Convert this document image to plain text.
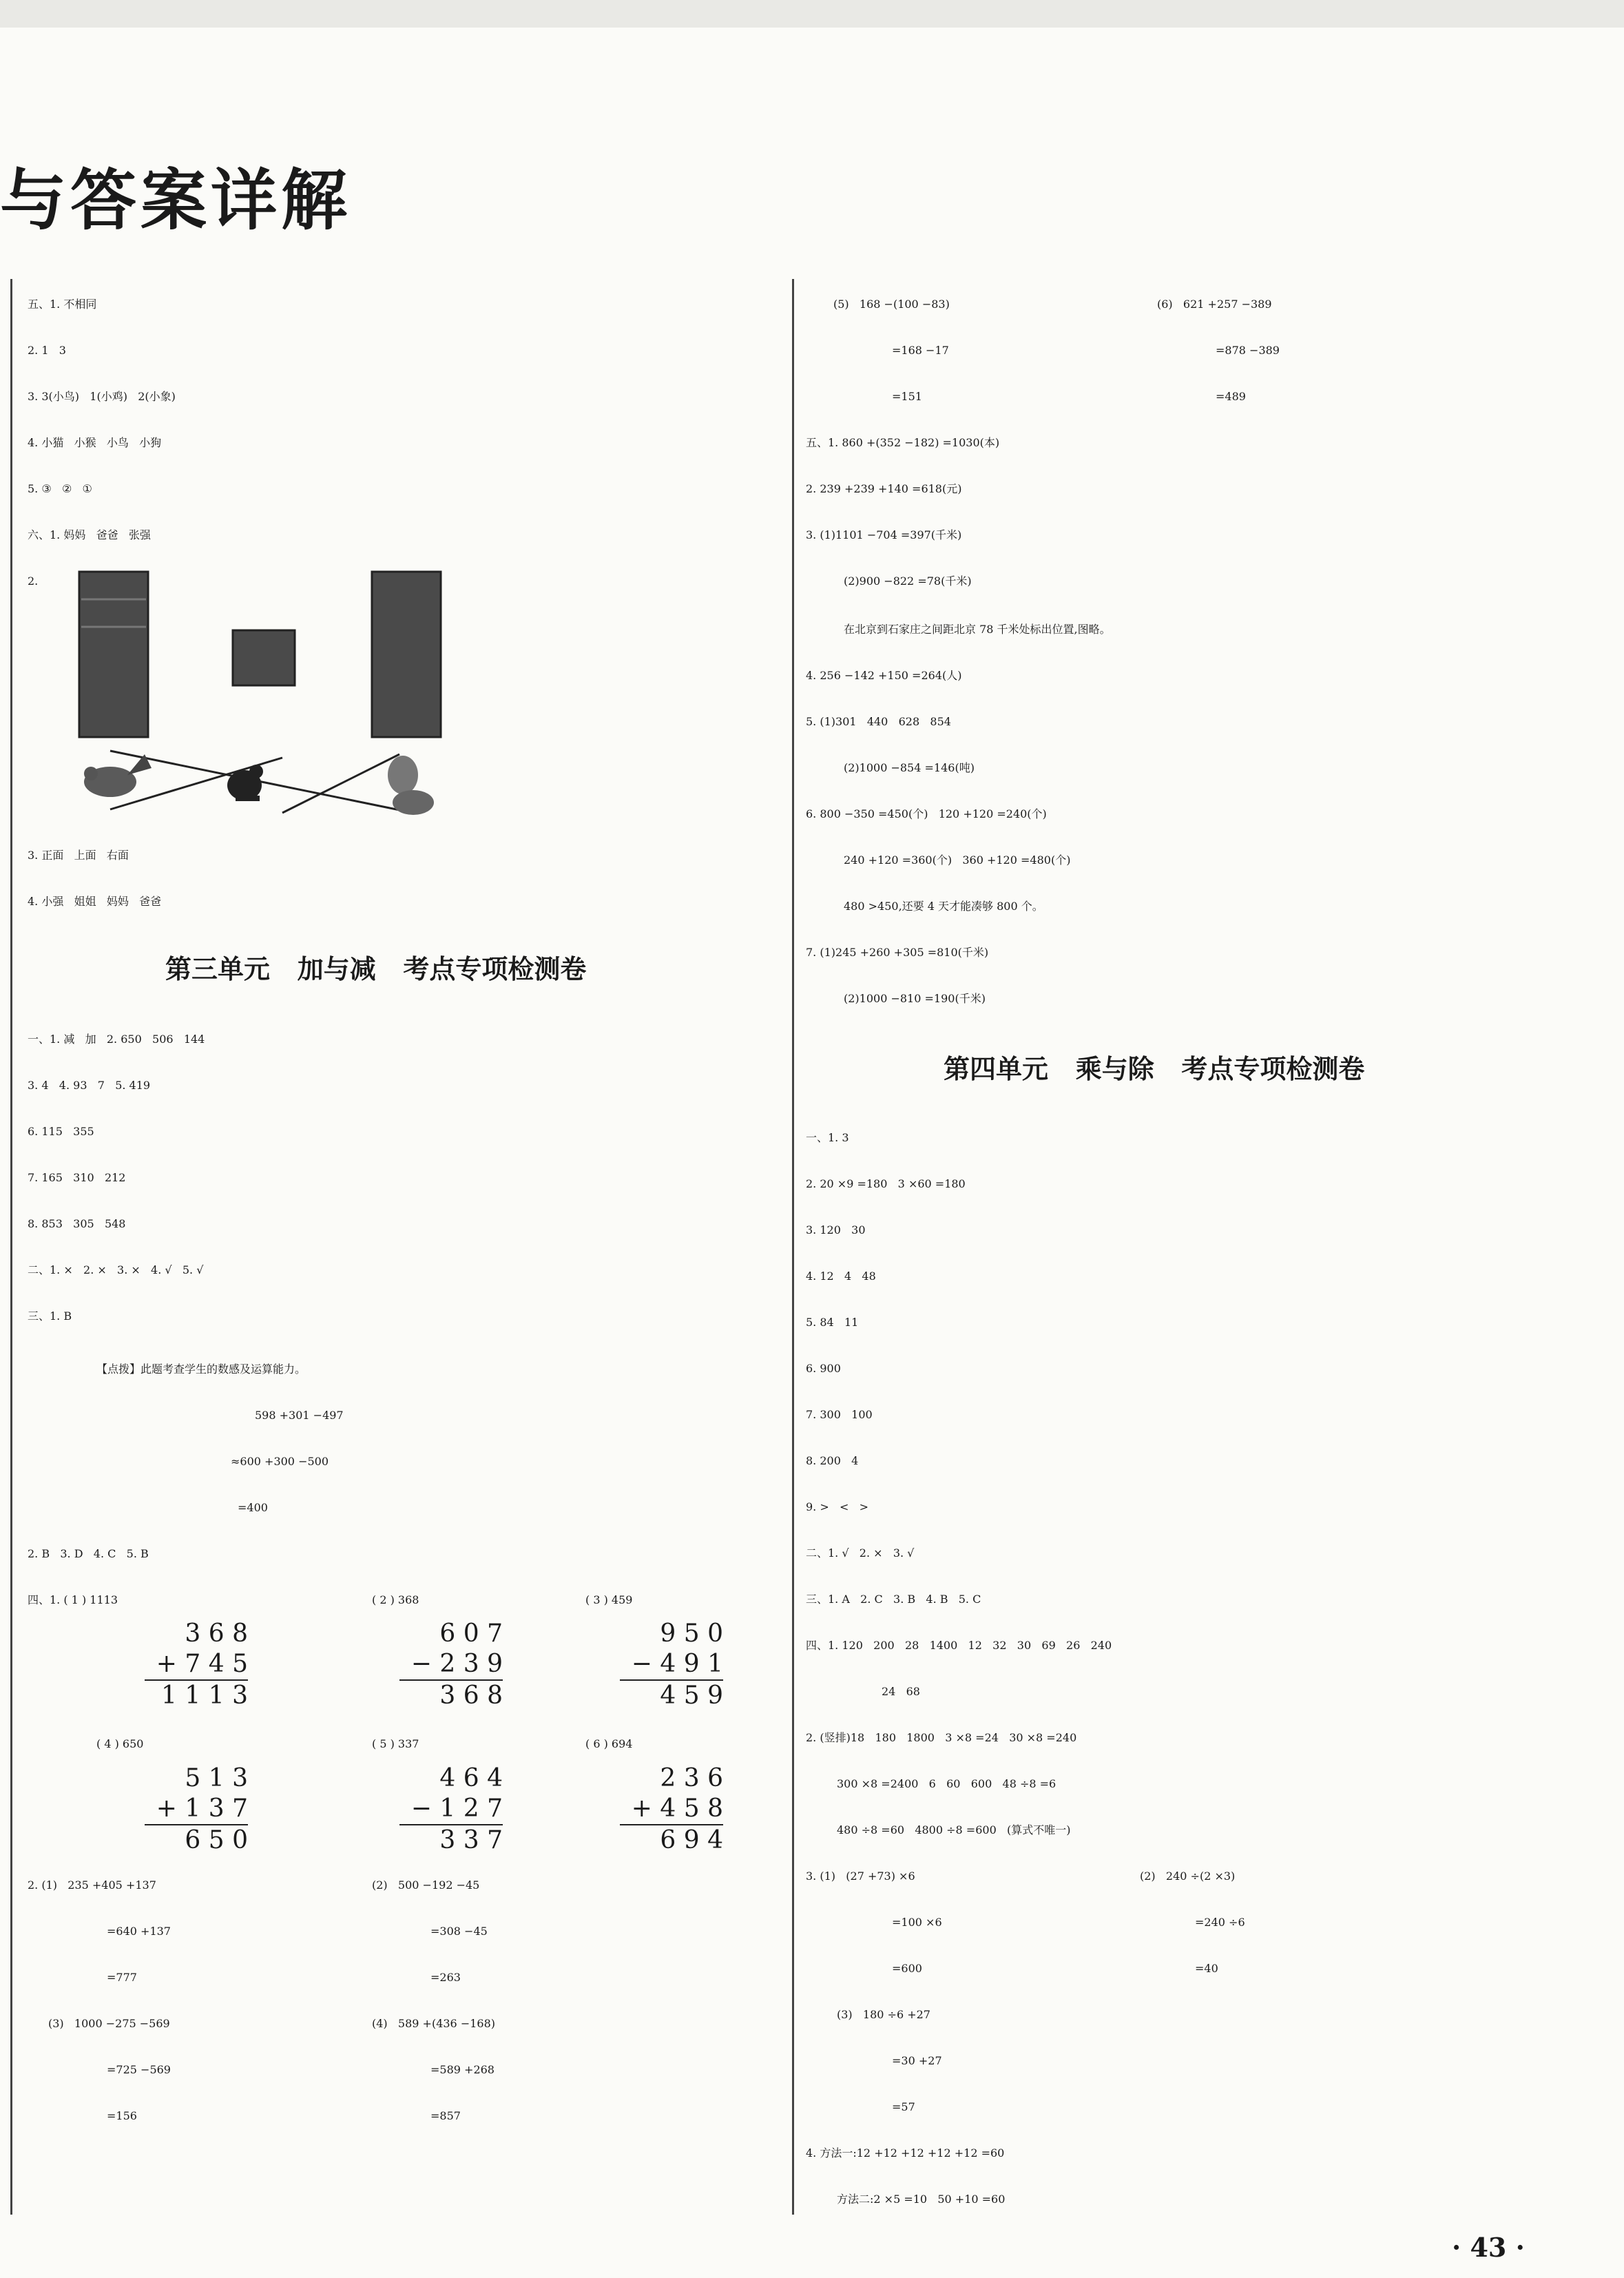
与答案详解
五、1. 不相同
2. 1   3
3. 3(小鸟)   1(小鸡)   2(小象)
4. 小猫   小猴   小鸟   小狗
5. ③   ②   ①
六、1. 妈妈   爸爸   张强
2.
3. 正面   上面   右面
4. 小强   姐姐   妈妈   爸爸
第三单元   加与减   考点专项检测卷
一、1. 减   加   2. 650   506   144
3. 4   4. 93   7   5. 419
6. 115   355
7. 165   310   212
8. 853   305   548
二、1. ×   2. ×   3. ×   4. √   5. √
三、1. B
【点拨】此题考查学生的数感及运算能力。
598 +301 −497
≈600 +300 −500
=400
2. B   3. D   4. C   5. B
四、1. ( 1 ) 1113	( 2 ) 368	( 3 ) 459
3 6 8
+ 7 4 5
1 1 1 3
6 0 7
− 2 3 9
3 6 8
9 5 0
− 4 9 1
4 5 9
( 4 ) 650	( 5 ) 337	( 6 ) 694
5 1 3
+ 1 3 7
6 5 0
4 6 4
− 1 2 7
3 3 7
2 3 6
+ 4 5 8
6 9 4
2. (1)   235 +405 +137
=640 +137
=777
(2)   500 −192 −45
=308 −45
=263
(3)   1000 −275 −569
=725 −569
=156
(4)   589 +(436 −168)
=589 +268
=857
(5)   168 −(100 −83)
=168 −17
=151
(6)   621 +257 −389
=878 −389
=489
五、1. 860 +(352 −182) =1030(本)
2. 239 +239 +140 =618(元)
3. (1)1101 −704 =397(千米)
(2)900 −822 =78(千米)
在北京到石家庄之间距北京 78 千米处标出位置,图略。
4. 256 −142 +150 =264(人)
5. (1)301   440   628   854
(2)1000 −854 =146(吨)
6. 800 −350 =450(个)   120 +120 =240(个)
240 +120 =360(个)   360 +120 =480(个)
480 >450,还要 4 天才能凑够 800 个。
7. (1)245 +260 +305 =810(千米)
(2)1000 −810 =190(千米)
第四单元   乘与除   考点专项检测卷
一、1. 3
2. 20 ×9 =180   3 ×60 =180
3. 120   30
4. 12   4   48
5. 84   11
6. 900
7. 300   100
8. 200   4
9. >   <   >
二、1. √   2. ×   3. √
三、1. A   2. C   3. B   4. B   5. C
四、1. 120   200   28   1400   12   32   30   69   26   240
24   68
2. (竖排)18   180   1800   3 ×8 =24   30 ×8 =240
300 ×8 =2400   6   60   600   48 ÷8 =6
480 ÷8 =60   4800 ÷8 =600   (算式不唯一)
3. (1)   (27 +73) ×6
=100 ×6
=600
(2)   240 ÷(2 ×3)
=240 ÷6
=40
(3)   180 ÷6 +27
=30 +27
=57
4. 方法一:12 +12 +12 +12 +12 =60
方法二:2 ×5 =10   50 +10 =60
· 43 ·
